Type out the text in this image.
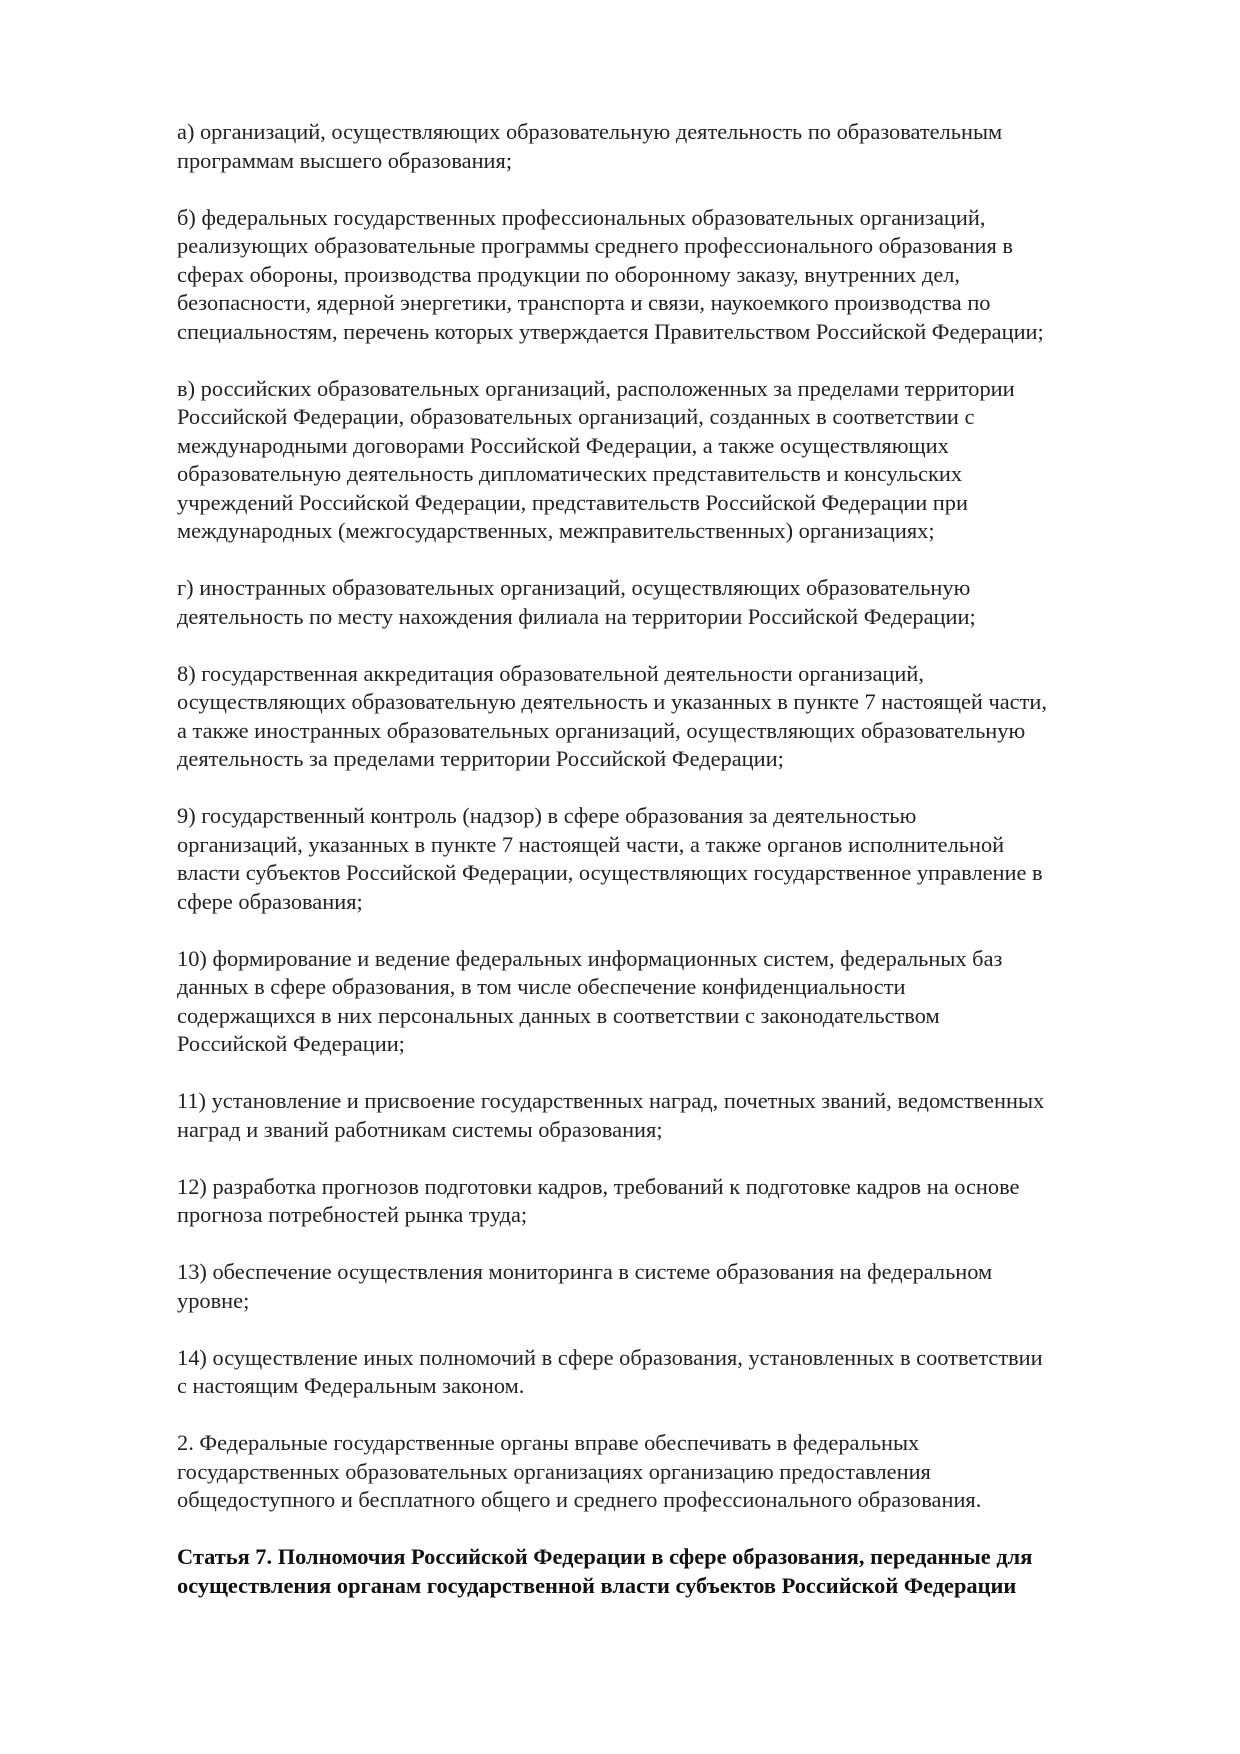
а) организаций, осуществляющих образовательную деятельность по образовательным
программам высшего образования;

б) федеральных государственных профессиональных образовательных организаций,
реализующих образовательные программы среднего профессионального образования в
сферах обороны, производства продукции по оборонному заказу, внутренних дел,
безопасности, ядерной энергетики, транспорта и связи, наукоемкого производства по
специальностям, перечень которых утверждается Правительством Российской Федерации;

в) российских образовательных организаций, расположенных за пределами территории
Российской Федерации, образовательных организаций, созданных в соответствии с
международными договорами Российской Федерации, а также осуществляющих
образовательную деятельность дипломатических представительств и консульских
учреждений Российской Федерации, представительств Российской Федерации при
международных (межгосударственных, межправительственных) организациях;

г) иностранных образовательных организаций, осуществляющих образовательную
деятельность по месту нахождения филиала на территории Российской Федерации;

8) государственная аккредитация образовательной деятельности организаций,
осуществляющих образовательную деятельность и указанных в пункте 7 настоящей части,
а также иностранных образовательных организаций, осуществляющих образовательную
деятельность за пределами территории Российской Федерации;

9) государственный контроль (надзор) в сфере образования за деятельностью
организаций, указанных в пункте 7 настоящей части, а также органов исполнительной
власти субъектов Российской Федерации, осуществляющих государственное управление в
сфере образования;

10) формирование и ведение федеральных информационных систем, федеральных баз
данных в сфере образования, в том числе обеспечение конфиденциальности
содержащихся в них персональных данных в соответствии с законодательством
Российской Федерации;

11) установление и присвоение государственных наград, почетных званий, ведомственных
наград и званий работникам системы образования;

12) разработка прогнозов подготовки кадров, требований к подготовке кадров на основе
прогноза потребностей рынка труда;

13) обеспечение осуществления мониторинга в системе образования на федеральном
уровне;

14) осуществление иных полномочий в сфере образования, установленных в соответствии
с настоящим Федеральным законом.

2. Федеральные государственные органы вправе обеспечивать в федеральных
государственных образовательных организациях организацию предоставления
общедоступного и бесплатного общего и среднего профессионального образования.

Статья 7. Полномочия Российской Федерации в сфере образования, переданные для
осуществления органам государственной власти субъектов Российской Федерации
